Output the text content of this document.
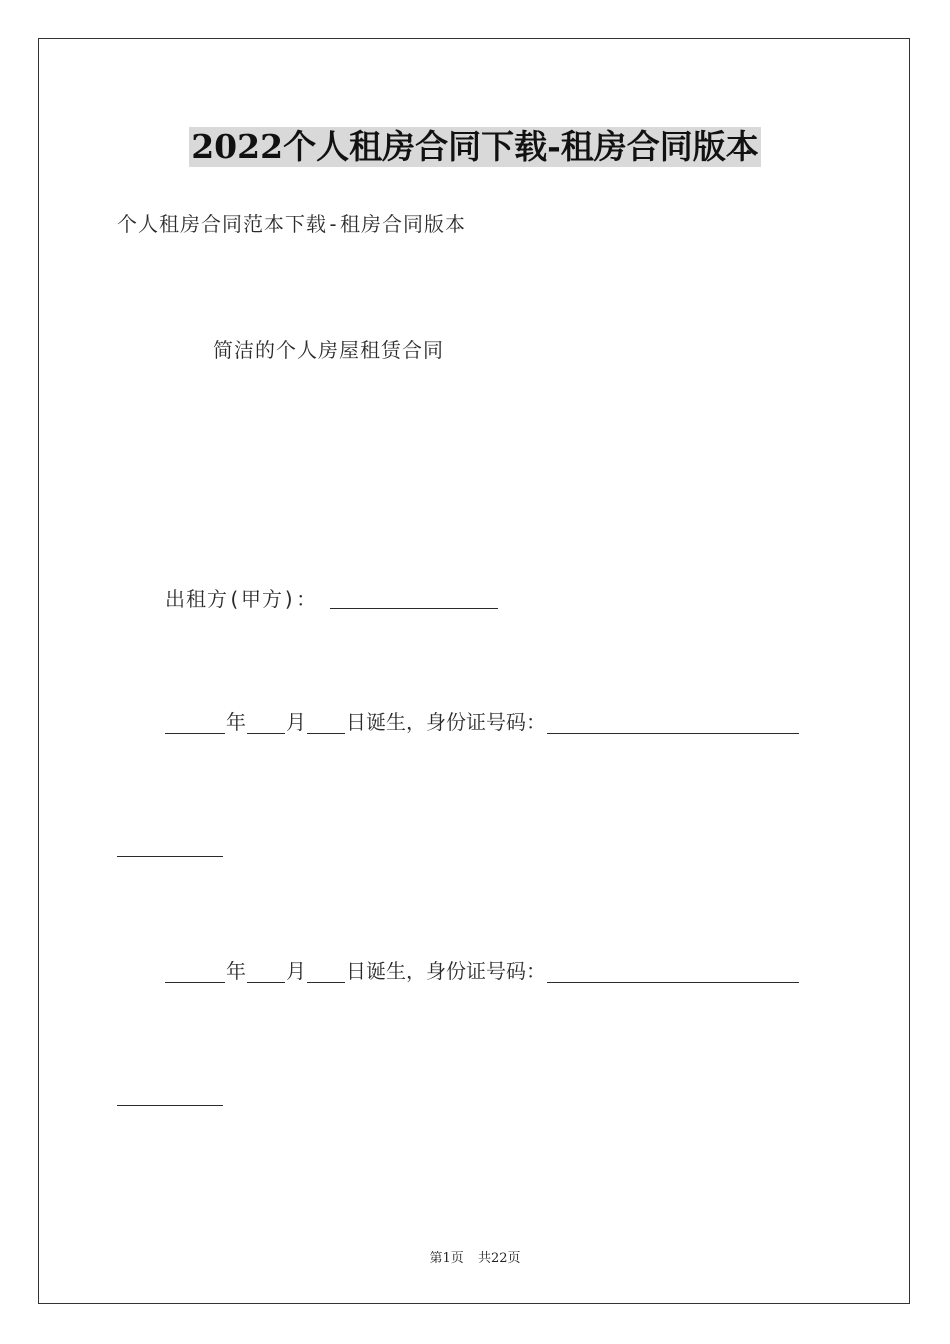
2022个人租房合同下载-租房合同版本
个人租房合同范本下载-租房合同版本
简洁的个人房屋租赁合同
出租方(甲方)：
年 月 日诞生，身份证号码：
年 月 日诞生，身份证号码：
第1页 共22页
